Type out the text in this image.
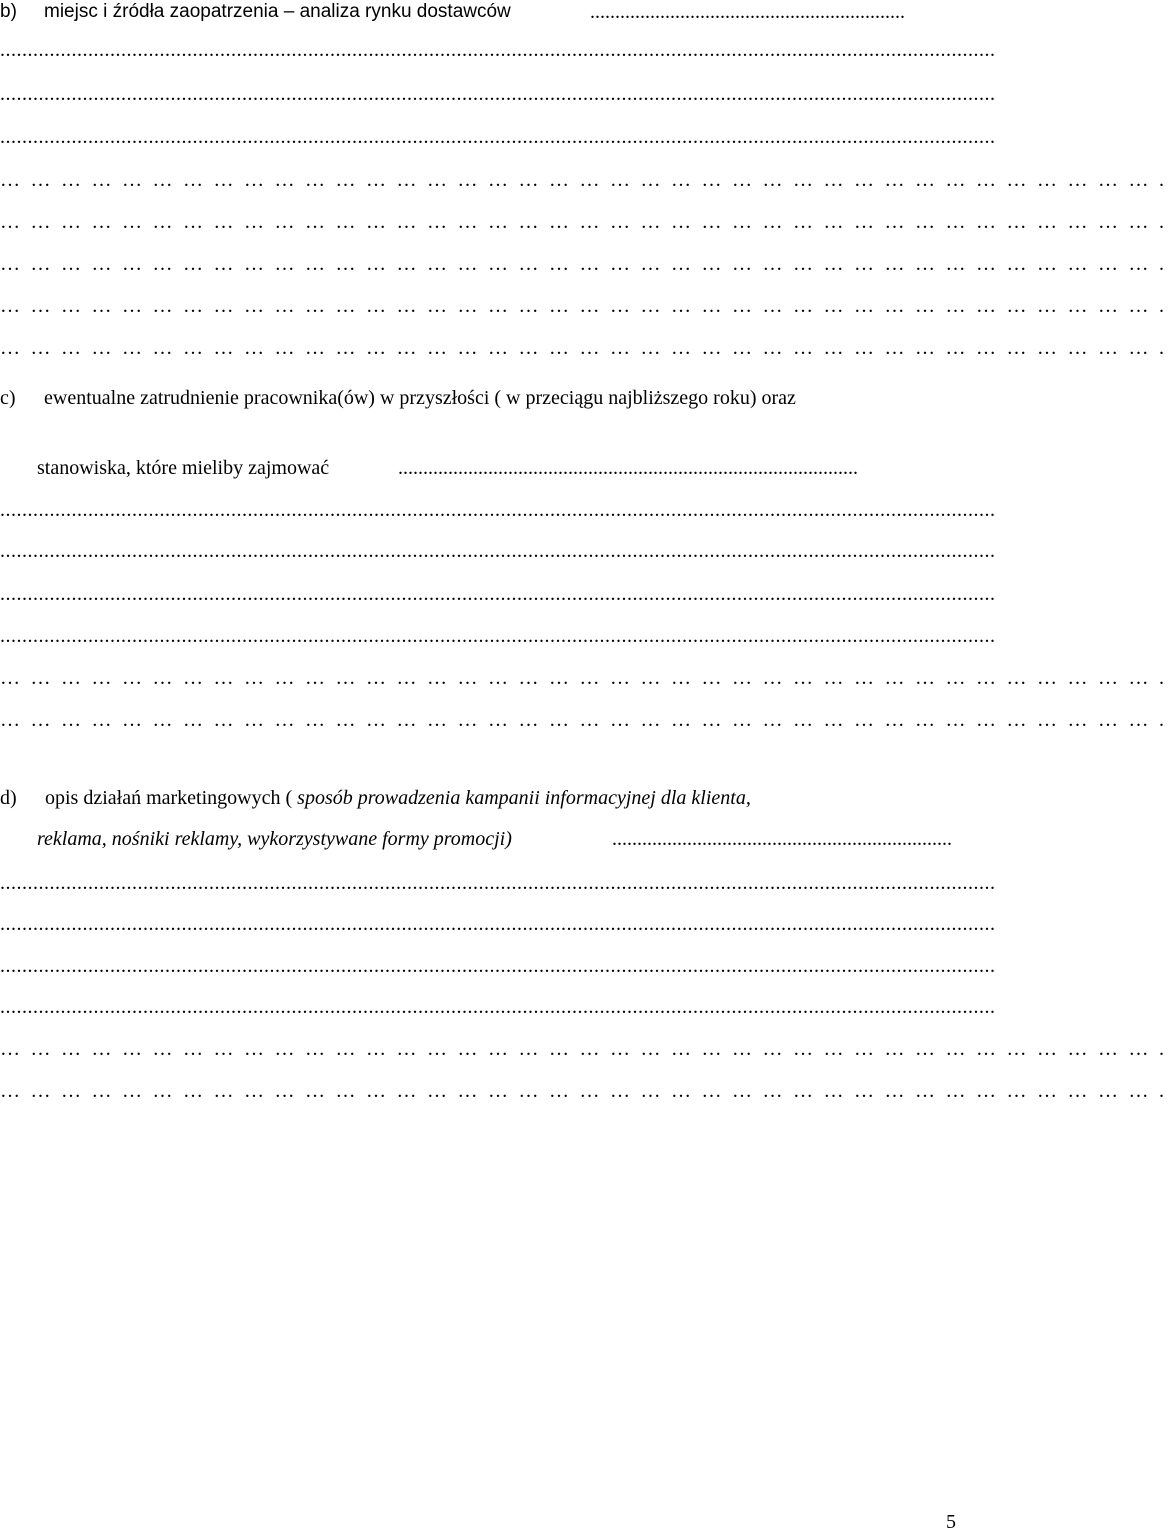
b) miejsc i źródła zaopatrzenia – analiza rynku dostawców	...............................................................
.....................................................................................................................................................................................
.....................................................................................................................................................................................
.....................................................................................................................................................................................
…………………………………………………………………………………………………….
…………………………………………………………………………………………………….
…………………………………………………………………………………………………….
…………………………………………………………………………………………………….
…………………………………………………………………………………………………….
c) ewentualne zatrudnienie pracownika(ów) w przyszłości ( w przeciągu najbliższego roku) oraz
stanowiska, które mieliby zajmować	............................................................................................
.....................................................................................................................................................................................
.....................................................................................................................................................................................
.....................................................................................................................................................................................
.....................................................................................................................................................................................
…………………………………………………………………………………………………….
…………………………………………………………………………………………………….
d) opis działań marketingowych ( sposób prowadzenia kampanii informacyjnej dla klienta,
reklama, nośniki reklamy, wykorzystywane formy promocji)	....................................................................
.....................................................................................................................................................................................
.....................................................................................................................................................................................
.....................................................................................................................................................................................
.....................................................................................................................................................................................
…………………………………………………………………………………………………….
…………………………………………………………………………………………………….
5
